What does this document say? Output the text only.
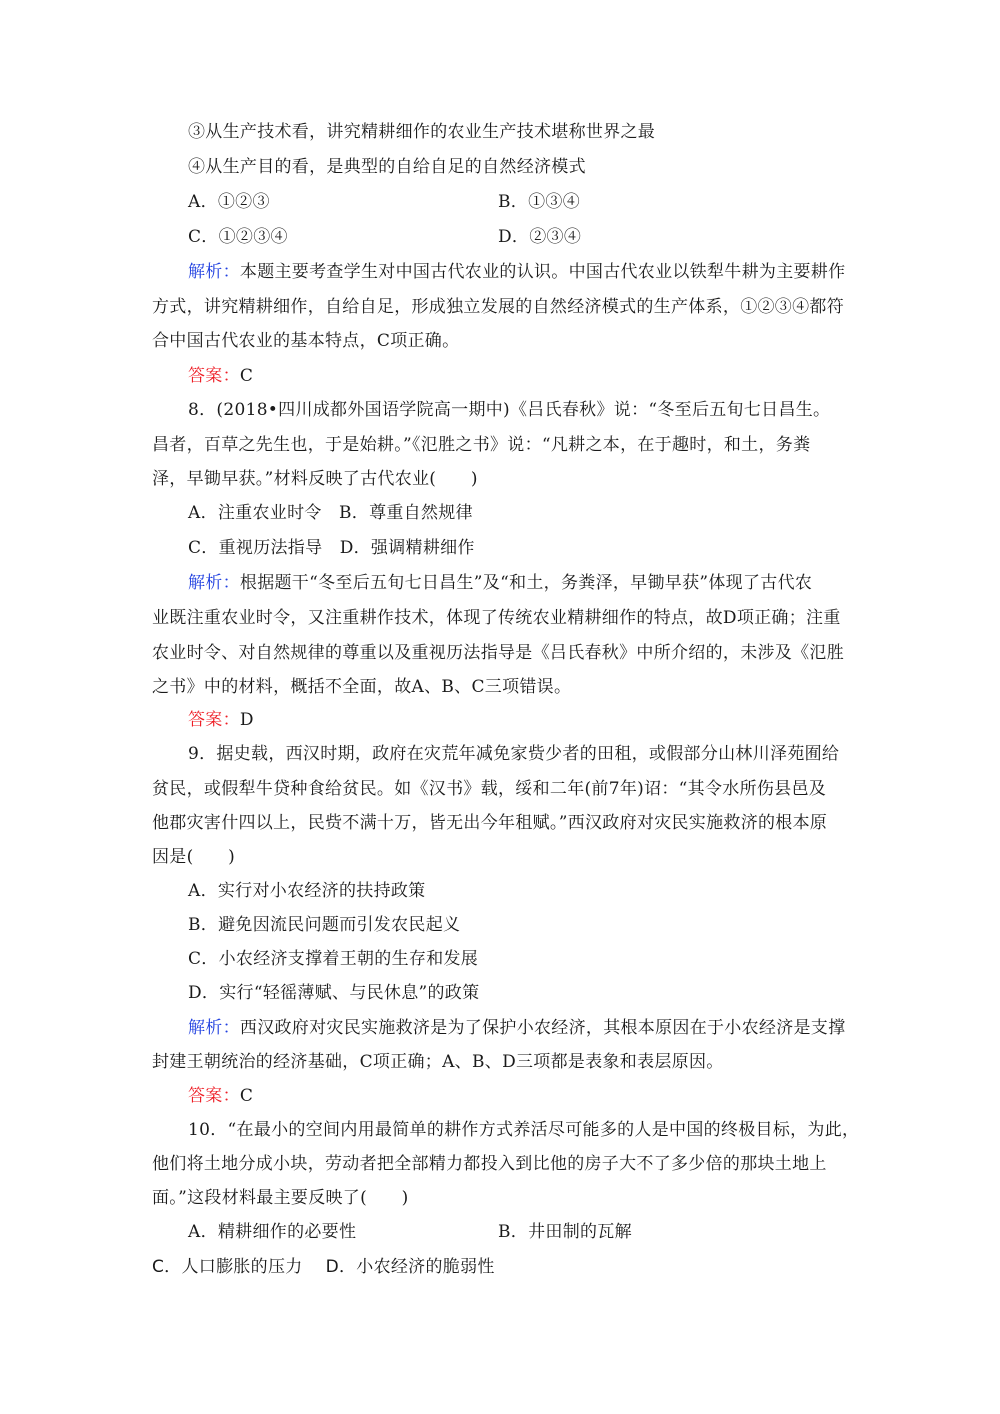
③从生产技术看，讲究精耕细作的农业生产技术堪称世界之最
④从生产目的看，是典型的自给自足的自然经济模式
A．①②③	B．①③④
C．①②③④	D．②③④
解析：本题主要考查学生对中国古代农业的认识。中国古代农业以铁犁牛耕为主要耕作
方式，讲究精耕细作，自给自足，形成独立发展的自然经济模式的生产体系，①②③④都符
合中国古代农业的基本特点，C项正确。
答案：C
8．(2018•四川成都外国语学院高一期中)《吕氏春秋》说：“冬至后五旬七日昌生。
昌者，百草之先生也，于是始耕。”《氾胜之书》说：“凡耕之本，在于趣时，和土，务粪
泽，早锄早获。”材料反映了古代农业(　　)
A．注重农业时令　B．尊重自然规律
C．重视历法指导　D．强调精耕细作
解析：根据题干“冬至后五旬七日昌生”及“和土，务粪泽，早锄早获”体现了古代农
业既注重农业时令，又注重耕作技术，体现了传统农业精耕细作的特点，故D项正确；注重
农业时令、对自然规律的尊重以及重视历法指导是《吕氏春秋》中所介绍的，未涉及《氾胜
之书》中的材料，概括不全面，故A、B、C三项错误。
答案：D
9．据史载，西汉时期，政府在灾荒年减免家赀少者的田租，或假部分山林川泽苑囿给
贫民，或假犁牛贷种食给贫民。如《汉书》载，绥和二年(前7年)诏：“其令水所伤县邑及
他郡灾害什四以上，民赀不满十万，皆无出今年租赋。”西汉政府对灾民实施救济的根本原
因是(　　)
A．实行对小农经济的扶持政策
B．避免因流民问题而引发农民起义
C．小农经济支撑着王朝的生存和发展
D．实行“轻徭薄赋、与民休息”的政策
解析：西汉政府对灾民实施救济是为了保护小农经济，其根本原因在于小农经济是支撑
封建王朝统治的经济基础，C项正确；A、B、D三项都是表象和表层原因。
答案：C
10．“在最小的空间内用最简单的耕作方式养活尽可能多的人是中国的终极目标，为此，
他们将土地分成小块，劳动者把全部精力都投入到比他的房子大不了多少倍的那块土地上
面。”这段材料最主要反映了(　　)
A．精耕细作的必要性	B．井田制的瓦解
C．人口膨胀的压力　 D．小农经济的脆弱性
